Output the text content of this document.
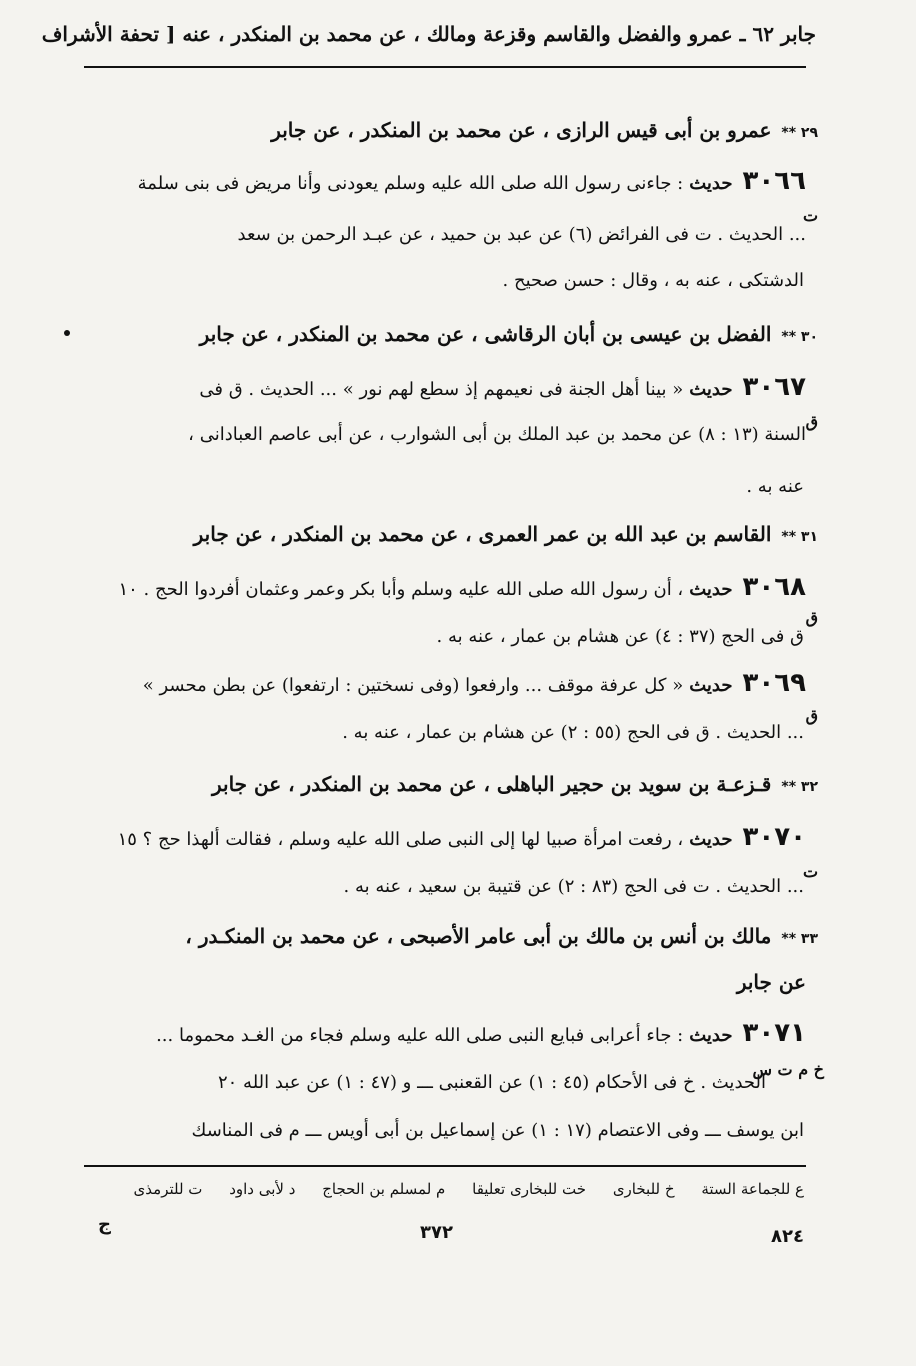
جابر ٦٢ ـ عمرو والفضل والقاسم وقزعة ومالك ، عن محمد بن المنكدر ، عنه [ تحفة الأشراف
٢٩ **عمرو بن أبى قيس الرازى ، عن محمد بن المنكدر ، عن جابر
٣٠٦٦حديث: جاءنى رسول الله صلى الله عليه وسلم يعودنى وأنا مريض فى بنى سلمة
ت
... الحديث . ت فى الفرائض (٦) عن عبد بن حميد ، عن عبـد الرحمن بن سعد
الدشتكى ، عنه به ، وقال : حسن صحيح .
٣٠ **الفضل بن عيسى بن أبان الرقاشى ، عن محمد بن المنكدر ، عن جابر
٣٠٦٧حديث« بينا أهل الجنة فى نعيمهم إذ سطع لهم نور » ... الحديث . ق فى
ق
السنة (١٣ : ٨) عن محمد بن عبد الملك بن أبى الشوارب ، عن أبى عاصم العبادانى ،
عنه به .
٣١ **القاسم بن عبد الله بن عمر العمرى ، عن محمد بن المنكدر ، عن جابر
٣٠٦٨حديث، أن رسول الله صلى الله عليه وسلم وأبا بكر وعمر وعثمان أفردوا الحج . ١٠
ق
ق فى الحج (٣٧ : ٤) عن هشام بن عمار ، عنه به .
٣٠٦٩حديث« كل عرفة موقف ... وارفعوا (وفى نسختين : ارتفعوا) عن بطن محسر »
ق
... الحديث . ق فى الحج (٥٥ : ٢) عن هشام بن عمار ، عنه به .
٣٢ **قـزعـة بن سويد بن حجير الباهلى ، عن محمد بن المنكدر ، عن جابر
٣٠٧٠حديث، رفعت امرأة صبيا لها إلى النبى صلى الله عليه وسلم ، فقالت ألهذا حج ؟ ١٥
ت
... الحديث . ت فى الحج (٨٣ : ٢) عن قتيبة بن سعيد ، عنه به .
٣٣ **مالك بن أنس بن مالك بن أبى عامر الأصبحى ، عن محمد بن المنكـدر ،
عن جابر
٣٠٧١حديث: جاء أعرابى فبايع النبى صلى الله عليه وسلم فجاء من الغـد محموما ...
خ م ت س
الحديث . خ فى الأحكام (٤٥ : ١) عن القعنبى ـــ و (٤٧ : ١) عن عبد الله ٢٠
ابن يوسف ـــ وفى الاعتصام (١٧ : ١) عن إسماعيل بن أبى أويس ـــ م فى المناسك
ع للجماعة الستة خ للبخارى خت للبخارى تعليقا م لمسلم بن الحجاج د لأبى داود ت للترمذى
٨٢٤
٣٧٢
ج
